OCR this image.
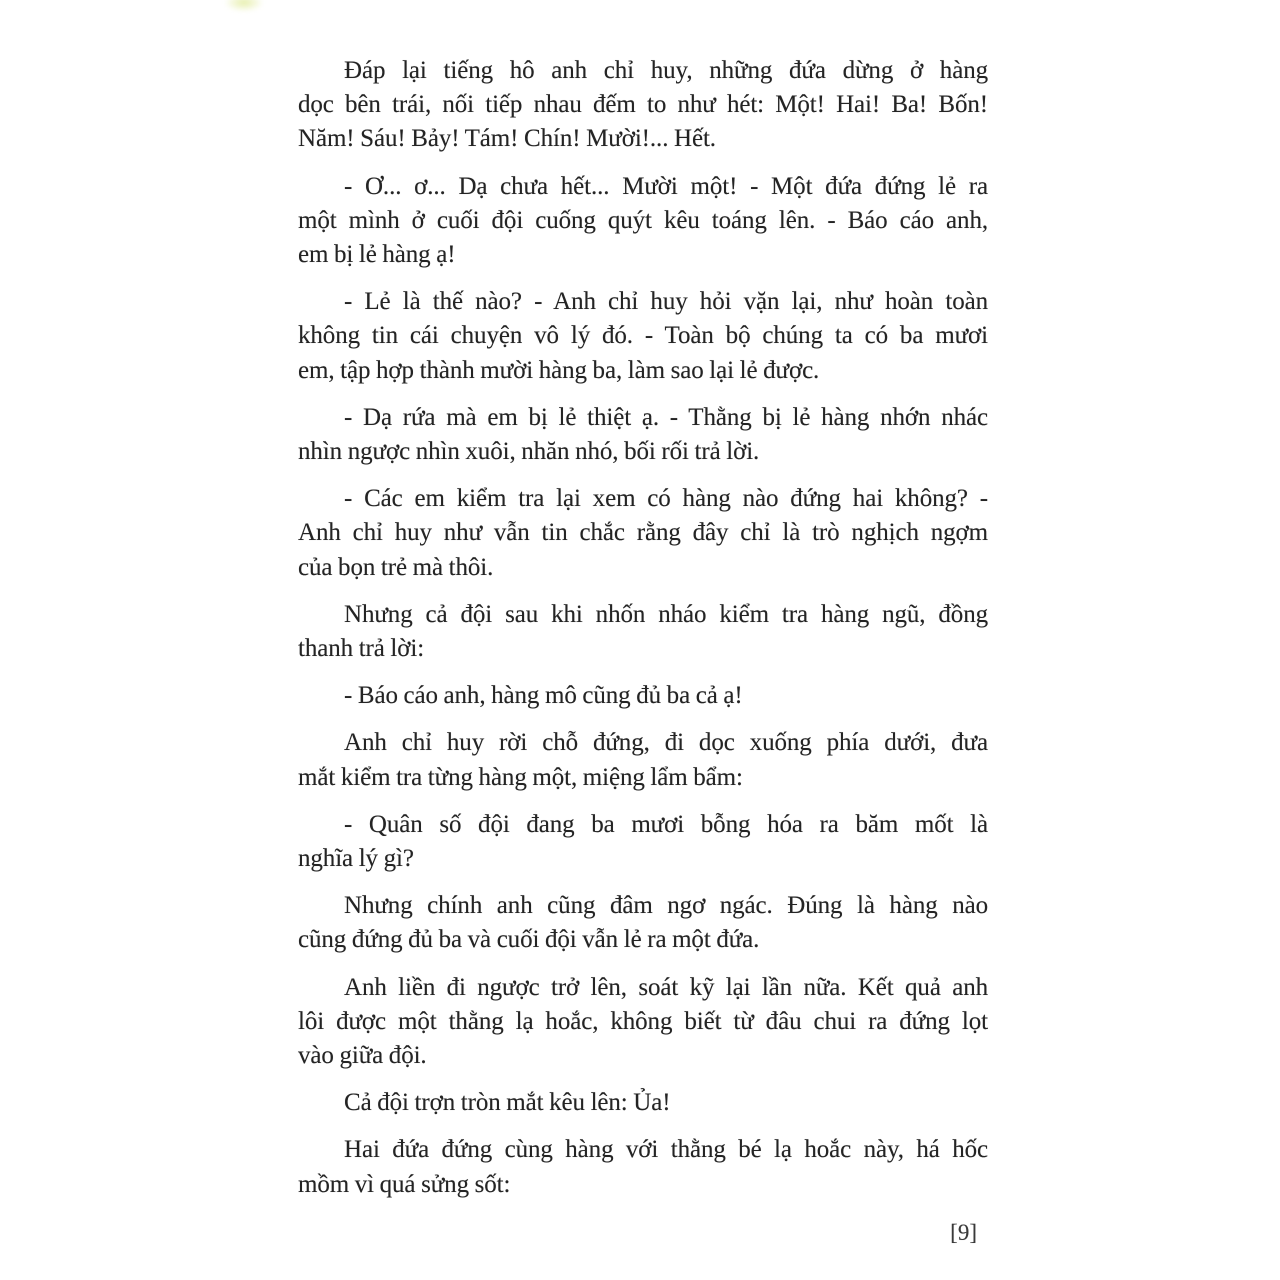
Đáp lại tiếng hô anh chỉ huy, những đứa dừng ở hàng
dọc bên trái, nối tiếp nhau đếm to như hét: Một! Hai! Ba! Bốn!
Năm! Sáu! Bảy! Tám! Chín! Mười!... Hết.
- Ơ... ơ... Dạ chưa hết... Mười một! - Một đứa đứng lẻ ra
một mình ở cuối đội cuống quýt kêu toáng lên. - Báo cáo anh,
em bị lẻ hàng ạ!
- Lẻ là thế nào? - Anh chỉ huy hỏi vặn lại, như hoàn toàn
không tin cái chuyện vô lý đó. - Toàn bộ chúng ta có ba mươi
em, tập hợp thành mười hàng ba, làm sao lại lẻ được.
- Dạ rứa mà em bị lẻ thiệt ạ. - Thằng bị lẻ hàng nhớn nhác
nhìn ngược nhìn xuôi, nhăn nhó, bối rối trả lời.
- Các em kiểm tra lại xem có hàng nào đứng hai không? -
Anh chỉ huy như vẫn tin chắc rằng đây chỉ là trò nghịch ngợm
của bọn trẻ mà thôi.
Nhưng cả đội sau khi nhốn nháo kiểm tra hàng ngũ, đồng
thanh trả lời:
- Báo cáo anh, hàng mô cũng đủ ba cả ạ!
Anh chỉ huy rời chỗ đứng, đi dọc xuống phía dưới, đưa
mắt kiểm tra từng hàng một, miệng lẩm bẩm:
- Quân số đội đang ba mươi bỗng hóa ra băm mốt là
nghĩa lý gì?
Nhưng chính anh cũng đâm ngơ ngác. Đúng là hàng nào
cũng đứng đủ ba và cuối đội vẫn lẻ ra một đứa.
Anh liền đi ngược trở lên, soát kỹ lại lần nữa. Kết quả anh
lôi được một thằng lạ hoắc, không biết từ đâu chui ra đứng lọt
vào giữa đội.
Cả đội trợn tròn mắt kêu lên: Ủa!
Hai đứa đứng cùng hàng với thằng bé lạ hoắc này, há hốc
mồm vì quá sửng sốt:
[9]
